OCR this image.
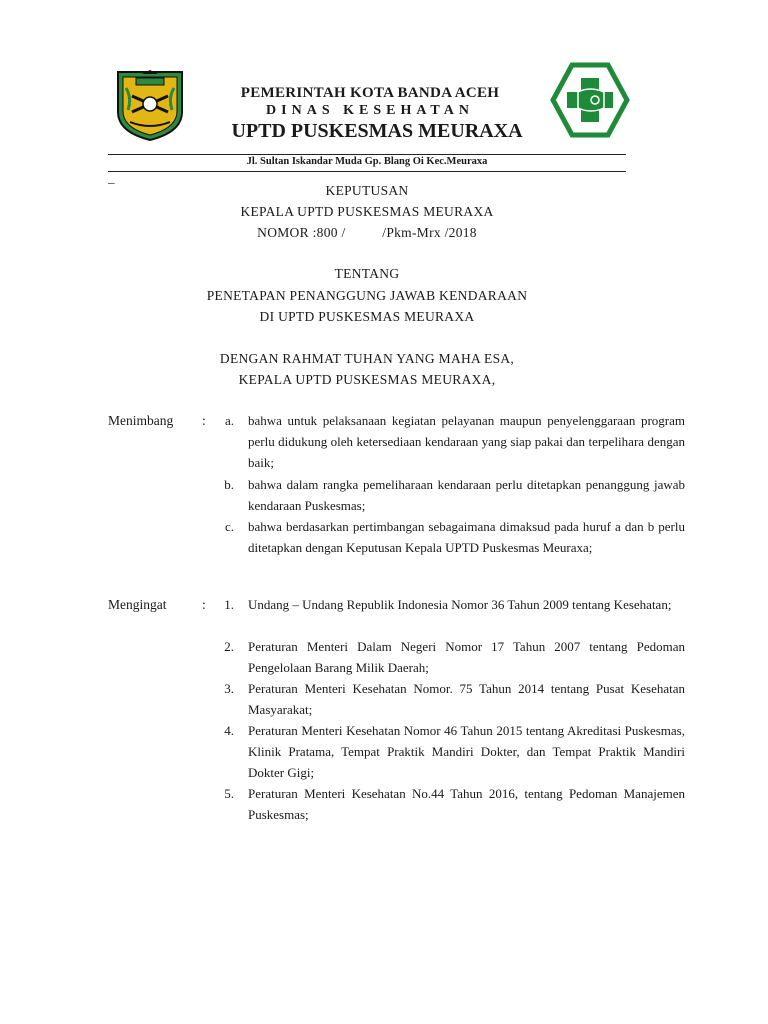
PEMERINTAH KOTA BANDA ACEH
DINAS KESEHATAN
UPTD PUSKESMAS MEURAXA
Jl. Sultan Iskandar Muda Gp. Blang Oi Kec.Meuraxa
_
KEPUTUSAN
KEPALA UPTD PUSKESMAS MEURAXA
NOMOR :800 /          /Pkm-Mrx /2018
TENTANG
PENETAPAN PENANGGUNG JAWAB KENDARAAN
DI UPTD PUSKESMAS MEURAXA
DENGAN RAHMAT TUHAN YANG MAHA ESA,
KEPALA UPTD PUSKESMAS MEURAXA,
Menimbang :	a. bahwa untuk pelaksanaan kegiatan pelayanan maupun penyelenggaraan program perlu didukung oleh ketersediaan kendaraan yang siap pakai dan terpelihara dengan baik;
b. bahwa dalam rangka pemeliharaan kendaraan perlu ditetapkan penanggung jawab kendaraan Puskesmas;
c. bahwa berdasarkan pertimbangan sebagaimana dimaksud pada huruf a dan b perlu ditetapkan dengan Keputusan Kepala UPTD Puskesmas Meuraxa;
Mengingat	:	1. Undang – Undang Republik Indonesia Nomor 36 Tahun 2009 tentang Kesehatan;
2. Peraturan Menteri Dalam Negeri Nomor 17 Tahun 2007 tentang Pedoman Pengelolaan Barang Milik Daerah;
3. Peraturan Menteri Kesehatan Nomor. 75 Tahun 2014 tentang Pusat Kesehatan Masyarakat;
4. Peraturan Menteri Kesehatan Nomor 46 Tahun 2015 tentang Akreditasi Puskesmas, Klinik Pratama, Tempat Praktik Mandiri Dokter, dan Tempat Praktik Mandiri Dokter Gigi;
5. Peraturan Menteri Kesehatan No.44 Tahun 2016, tentang Pedoman Manajemen Puskesmas;
